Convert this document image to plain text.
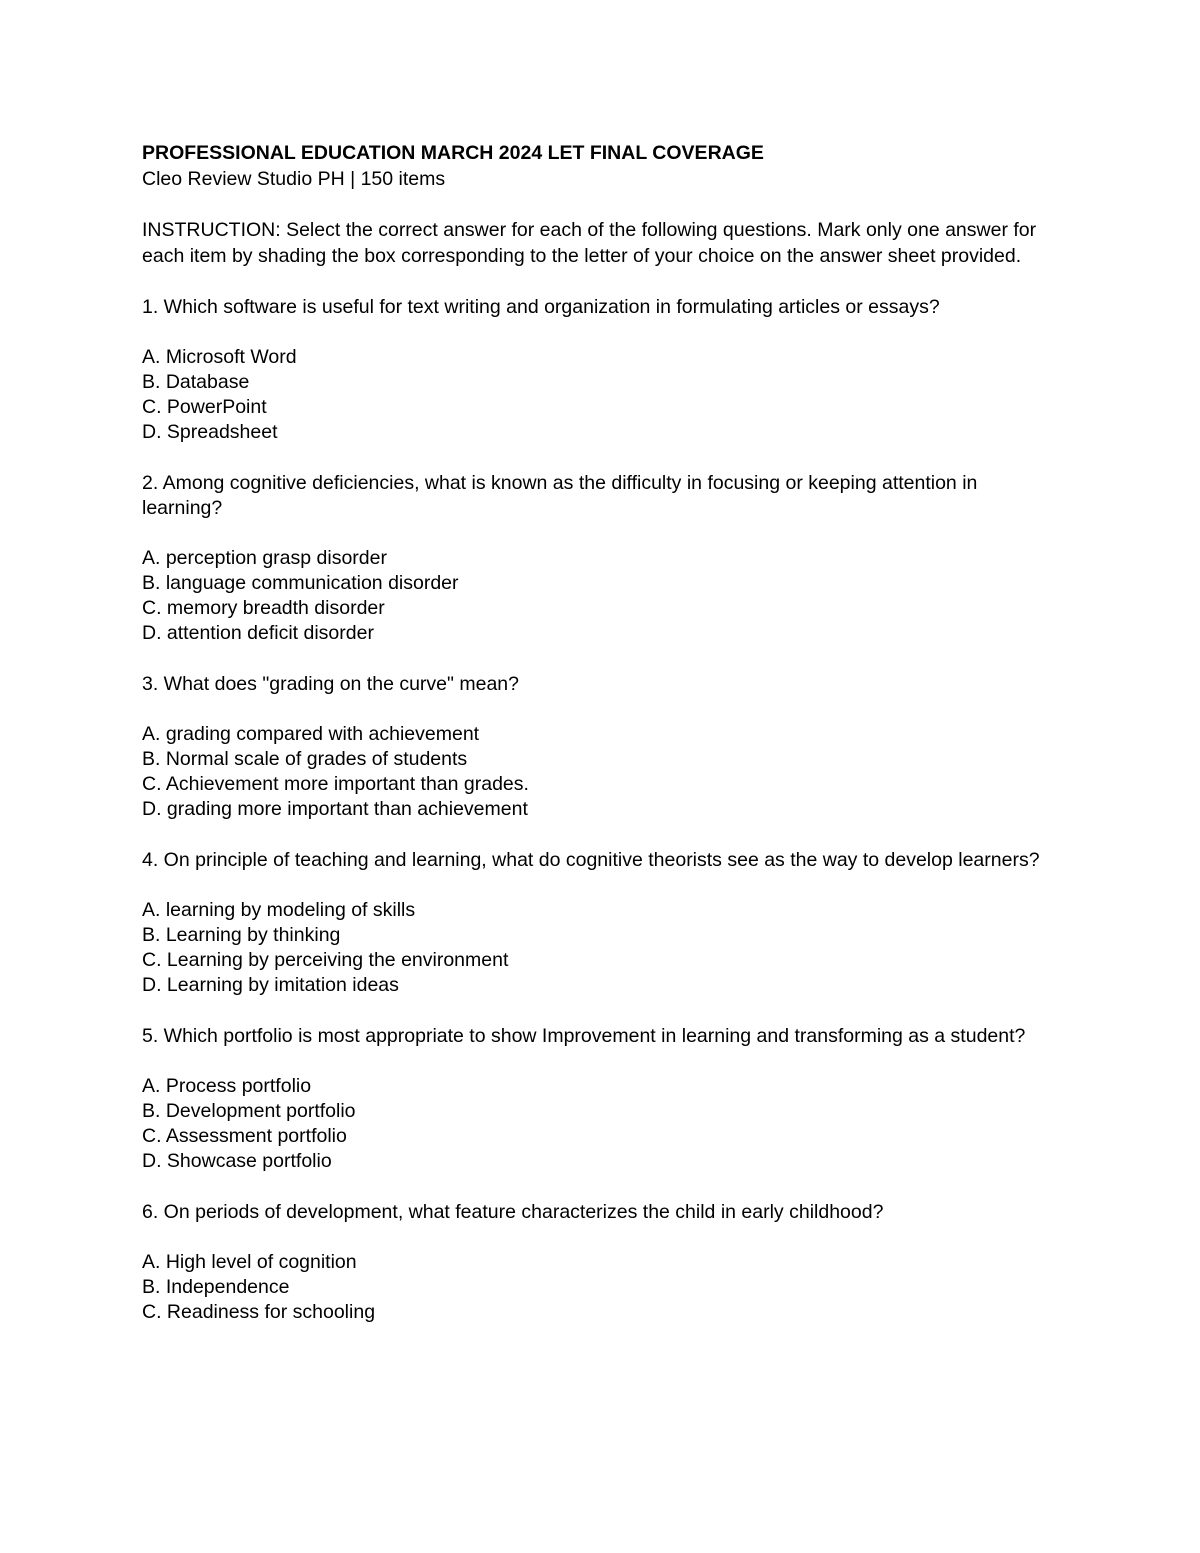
PROFESSIONAL EDUCATION MARCH 2024 LET FINAL COVERAGE

Cleo Review Studio PH | 150 items

INSTRUCTION: Select the correct answer for each of the following questions. Mark only one answer for each item by shading the box corresponding to the letter of your choice on the answer sheet provided.

1. Which software is useful for text writing and organization in formulating articles or essays?

A. Microsoft Word
B. Database
C. PowerPoint
D. Spreadsheet

2. Among cognitive deficiencies, what is known as the difficulty in focusing or keeping attention in learning?

A. perception grasp disorder
B. language communication disorder
C. memory breadth disorder
D. attention deficit disorder

3. What does "grading on the curve" mean?

A. grading compared with achievement
B. Normal scale of grades of students
C. Achievement more important than grades.
D. grading more important than achievement

4. On principle of teaching and learning, what do cognitive theorists see as the way to develop learners?

A. learning by modeling of skills
B. Learning by thinking
C. Learning by perceiving the environment
D. Learning by imitation ideas

5. Which portfolio is most appropriate to show Improvement in learning and transforming as a student?

A. Process portfolio
B. Development portfolio
C. Assessment portfolio
D. Showcase portfolio

6. On periods of development, what feature characterizes the child in early childhood?

A. High level of cognition
B. Independence
C. Readiness for schooling
